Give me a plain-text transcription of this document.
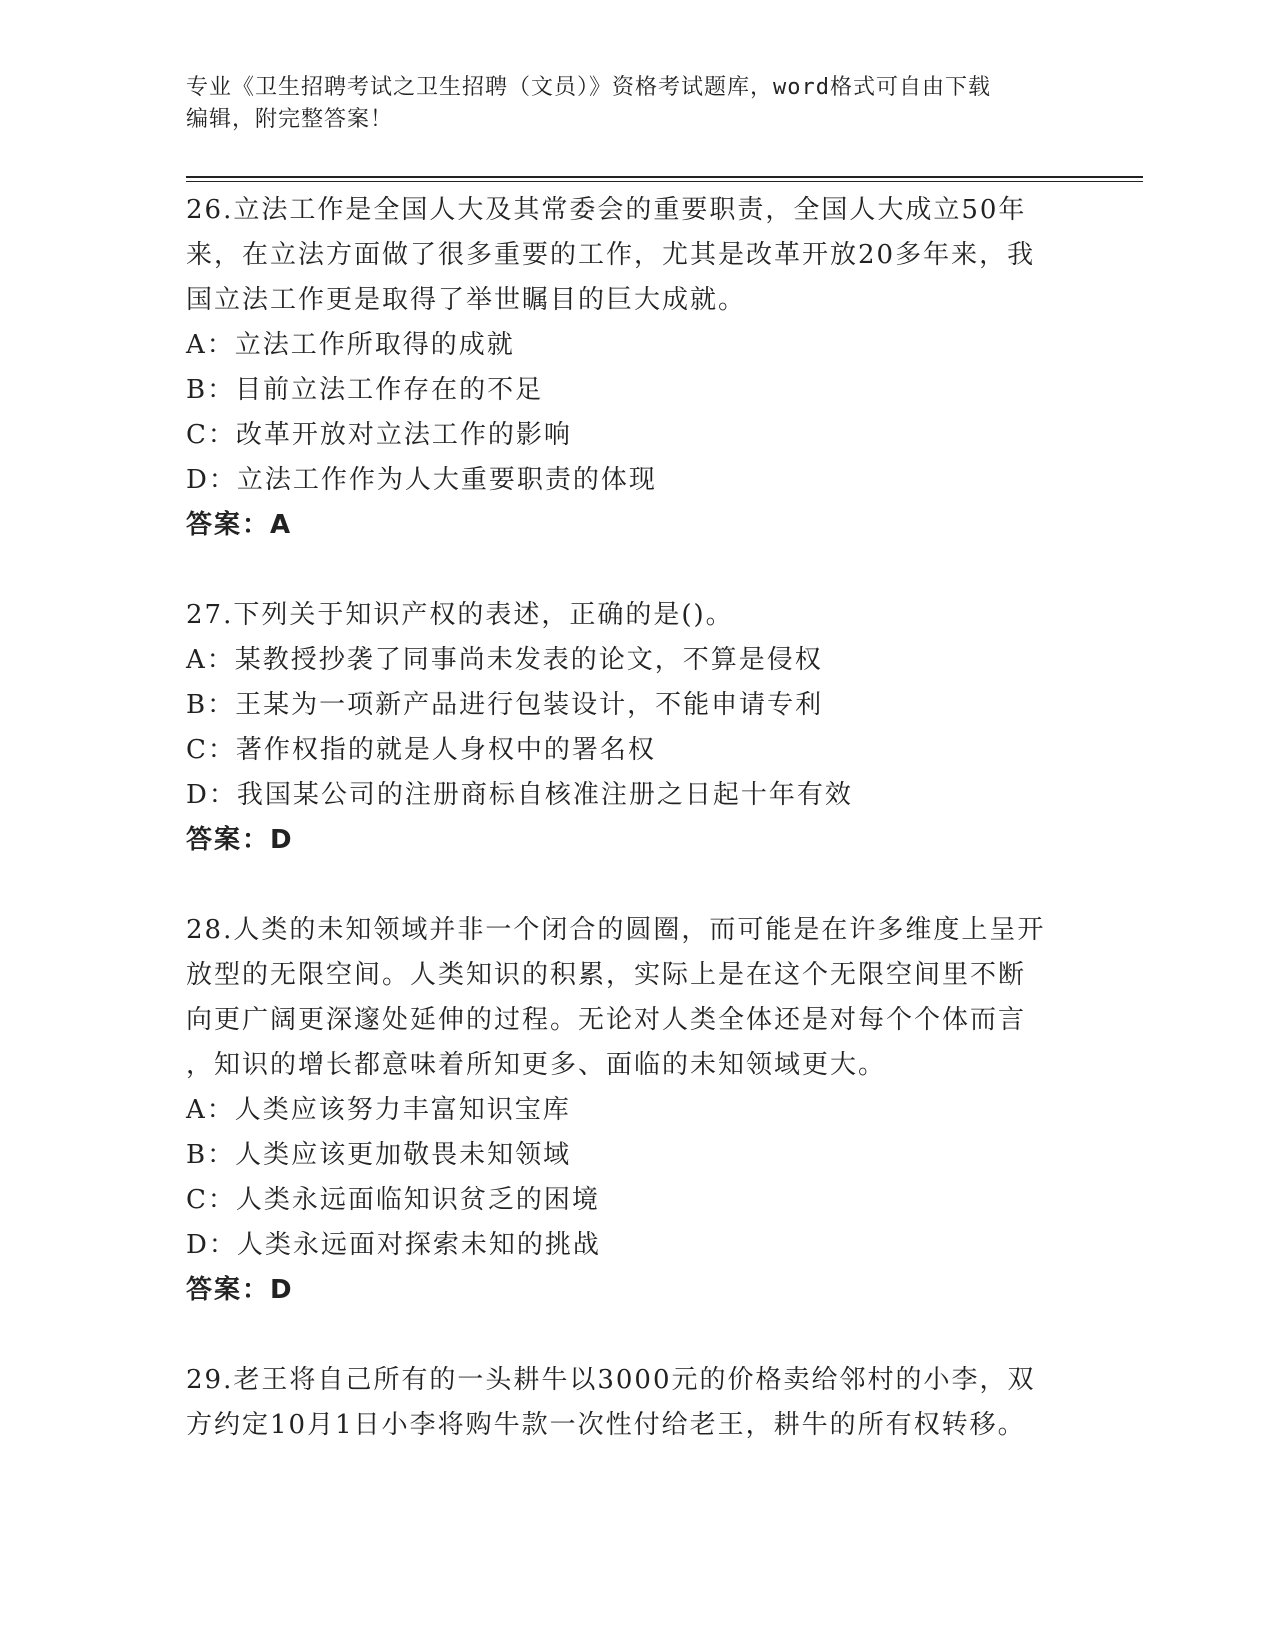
专业《卫生招聘考试之卫生招聘（文员）》资格考试题库，word格式可自由下载
编辑，附完整答案！
26.立法工作是全国人大及其常委会的重要职责，全国人大成立50年
来，在立法方面做了很多重要的工作，尤其是改革开放20多年来，我
国立法工作更是取得了举世瞩目的巨大成就。
A：立法工作所取得的成就
B：目前立法工作存在的不足
C：改革开放对立法工作的影响
D：立法工作作为人大重要职责的体现
答案：A
27.下列关于知识产权的表述，正确的是()。
A：某教授抄袭了同事尚未发表的论文，不算是侵权
B：王某为一项新产品进行包装设计，不能申请专利
C：著作权指的就是人身权中的署名权
D：我国某公司的注册商标自核准注册之日起十年有效
答案：D
28.人类的未知领域并非一个闭合的圆圈，而可能是在许多维度上呈开
放型的无限空间。人类知识的积累，实际上是在这个无限空间里不断
向更广阔更深邃处延伸的过程。无论对人类全体还是对每个个体而言
，知识的增长都意味着所知更多、面临的未知领域更大。
A：人类应该努力丰富知识宝库
B：人类应该更加敬畏未知领域
C：人类永远面临知识贫乏的困境
D：人类永远面对探索未知的挑战
答案：D
29.老王将自己所有的一头耕牛以3000元的价格卖给邻村的小李，双
方约定10月1日小李将购牛款一次性付给老王，耕牛的所有权转移。
